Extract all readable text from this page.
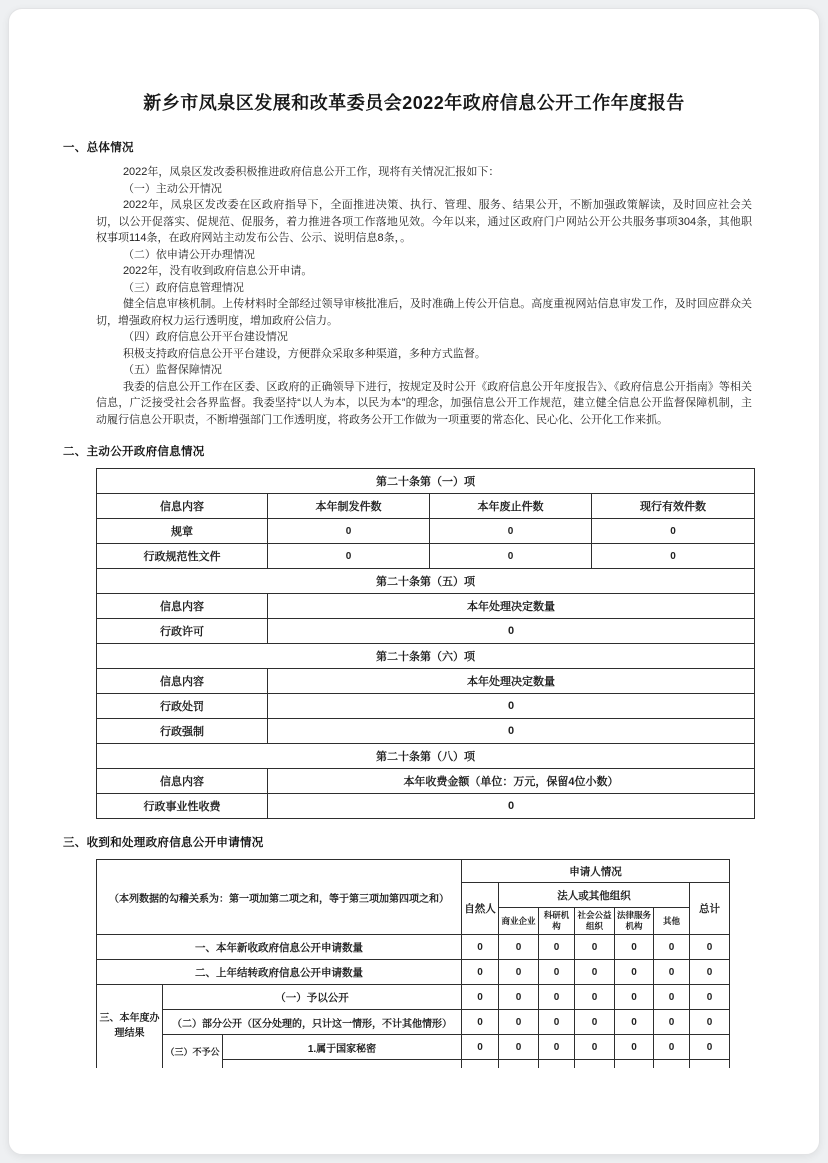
新乡市凤泉区发展和改革委员会2022年政府信息公开工作年度报告
一、总体情况

2022年，凤泉区发改委积极推进政府信息公开工作，现将有关情况汇报如下：

（一）主动公开情况

2022年，凤泉区发改委在区政府指导下，全面推进决策、执行、管理、服务、结果公开，不断加强政策解读，及时回应社会关切，以公开促落实、促规范、促服务，着力推进各项工作落地见效。今年以来，通过区政府门户网站公开公共服务事项304条，其他职权事项114条，在政府网站主动发布公告、公示、说明信息8条，。

（二）依申请公开办理情况

2022年，没有收到政府信息公开申请。

（三）政府信息管理情况

健全信息审核机制。上传材料时全部经过领导审核批准后，及时准确上传公开信息。高度重视网站信息审发工作，及时回应群众关切，增强政府权力运行透明度，增加政府公信力。

（四）政府信息公开平台建设情况

积极支持政府信息公开平台建设，方便群众采取多种渠道，多种方式监督。

（五）监督保障情况

我委的信息公开工作在区委、区政府的正确领导下进行，按规定及时公开《政府信息公开年度报告》、《政府信息公开指南》等相关信息，广泛接受社会各界监督。我委坚持“以人为本，以民为本”的理念，加强信息公开工作规范，建立健全信息公开监督保障机制，主动履行信息公开职责，不断增强部门工作透明度，将政务公开工作做为一项重要的常态化、民心化、公开化工作来抓。

二、主动公开政府信息情况
第二十条第（一）项			
信息内容	本年制发件数	本年废止件数	现行有效件数
规章	0	0	0
行政规范性文件	0	0	0
第二十条第（五）项			
信息内容	本年处理决定数量		
行政许可	0		
第二十条第（六）项			
信息内容	本年处理决定数量		
行政处罚	0		
行政强制	0		
第二十条第（八）项			
信息内容	本年收费金额（单位：万元，保留4位小数）		
行政事业性收费	0		
三、收到和处理政府信息公开申请情况
（本列数据的勾稽关系为：第一项加第二项之和，等于第三项加第四项之和）			申请人情况						
			自然人	法人或其他组织					总计
				商业企业	科研机构	社会公益组织	法律服务机构	其他	
一、本年新收政府信息公开申请数量			0	0	0	0	0	0	0
二、上年结转政府信息公开申请数量			0	0	0	0	0	0	0
三、本年度办理结果	（一）予以公开		0	0	0	0	0	0	0
	（二）部分公开（区分处理的，只计这一情形，不计其他情形）		0	0	0	0	0	0	0
	（三）不予公	1.属于国家秘密	0	0	0	0	0	0	0
